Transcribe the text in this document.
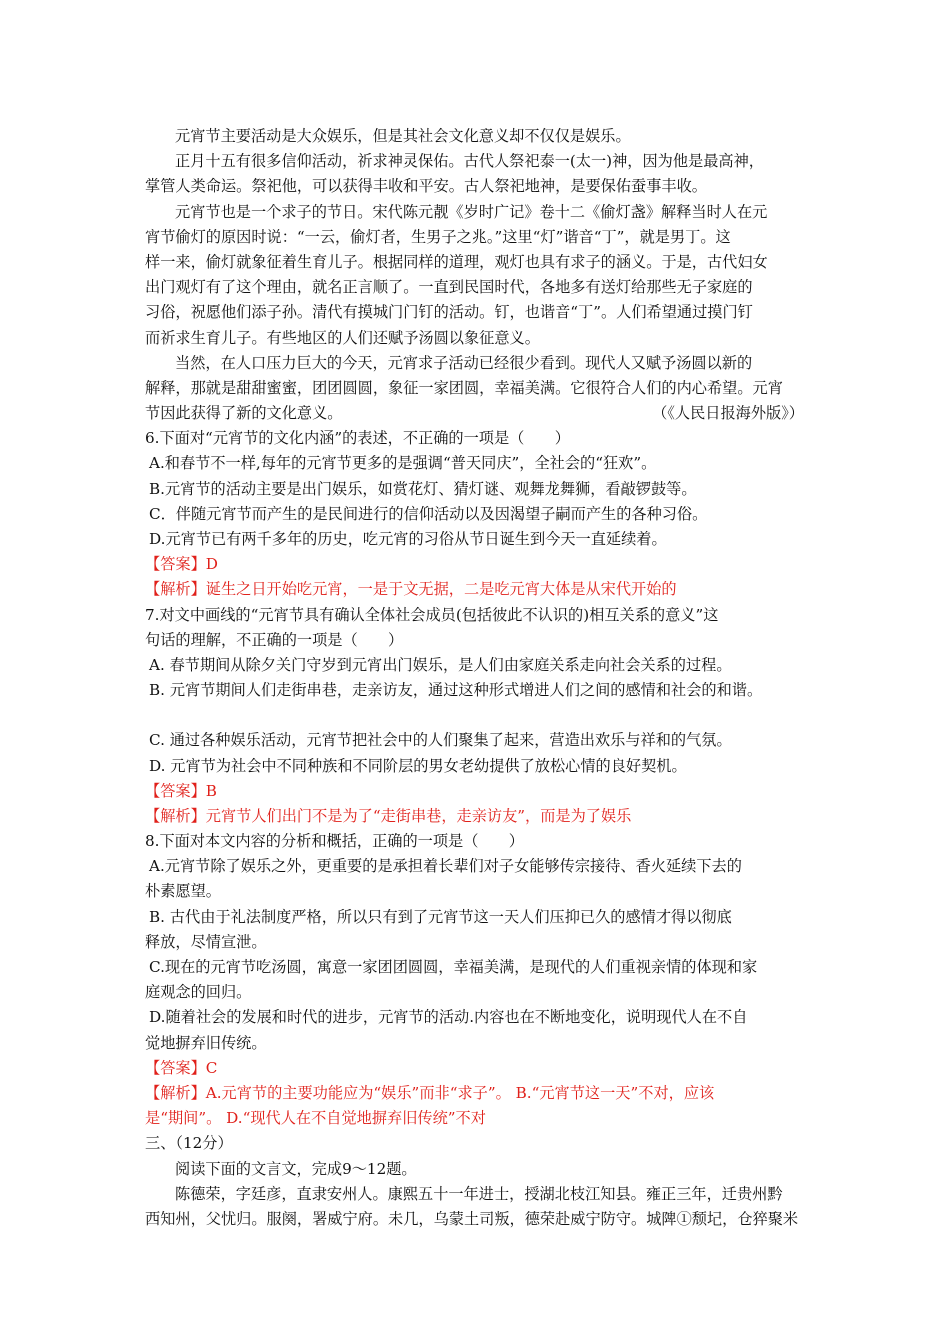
元宵节主要活动是大众娱乐，但是其社会文化意义却不仅仅是娱乐。
正月十五有很多信仰活动，祈求神灵保佑。古代人祭祀泰一(太一)神，因为他是最高神，
掌管人类命运。祭祀他，可以获得丰收和平安。古人祭祀地神，是要保佑蚕事丰收。
元宵节也是一个求子的节日。宋代陈元靓《岁时广记》卷十二《偷灯盏》解释当时人在元
宵节偷灯的原因时说：“一云，偷灯者，生男子之兆。”这里“灯”谐音“丁”，就是男丁。这
样一来，偷灯就象征着生育儿子。根据同样的道理，观灯也具有求子的涵义。于是，古代妇女
出门观灯有了这个理由，就名正言顺了。一直到民国时代，各地多有送灯给那些无子家庭的
习俗，祝愿他们添子孙。清代有摸城门门钉的活动。钉，也谐音“丁”。人们希望通过摸门钉
而祈求生育儿子。有些地区的人们还赋予汤圆以象征意义。
当然，在人口压力巨大的今天，元宵求子活动已经很少看到。现代人又赋予汤圆以新的
解释，那就是甜甜蜜蜜，团团圆圆，象征一家团圆，幸福美满。它很符合人们的内心希望。元宵
节因此获得了新的文化意义。	（《人民日报海外版》）
6.下面对“元宵节的文化内涵”的表述，不正确的一项是（　　）
A.和春节不一样,每年的元宵节更多的是强调“普天同庆”，全社会的“狂欢”。
B.元宵节的活动主要是出门娱乐，如赏花灯、猜灯谜、观舞龙舞狮，看敲锣鼓等。
C．伴随元宵节而产生的是民间进行的信仰活动以及因渴望子嗣而产生的各种习俗。
D.元宵节已有两千多年的历史，吃元宵的习俗从节日诞生到今天一直延续着。
【答案】D
【解析】诞生之日开始吃元宵，一是于文无据，二是吃元宵大体是从宋代开始的
7.对文中画线的“元宵节具有确认全体社会成员(包括彼此不认识的)相互关系的意义”这
句话的理解，不正确的一项是（　　）
A. 春节期间从除夕关门守岁到元宵出门娱乐，是人们由家庭关系走向社会关系的过程。
B. 元宵节期间人们走街串巷，走亲访友，通过这种形式增进人们之间的感情和社会的和谐。
C. 通过各种娱乐活动，元宵节把社会中的人们聚集了起来，营造出欢乐与祥和的气氛。
D. 元宵节为社会中不同种族和不同阶层的男女老幼提供了放松心情的良好契机。
【答案】B
【解析】元宵节人们出门不是为了“走街串巷，走亲访友”，而是为了娱乐
8.下面对本文内容的分析和概括，正确的一项是（　　）
A.元宵节除了娱乐之外，更重要的是承担着长辈们对子女能够传宗接待、香火延续下去的
朴素愿望。
B. 古代由于礼法制度严格，所以只有到了元宵节这一天人们压抑已久的感情才得以彻底
释放，尽情宣泄。
C.现在的元宵节吃汤圆，寓意一家团团圆圆，幸福美满，是现代的人们重视亲情的体现和家
庭观念的回归。
D.随着社会的发展和时代的进步，元宵节的活动.内容也在不断地变化，说明现代人在不自
觉地摒弃旧传统。
【答案】C
【解析】A.元宵节的主要功能应为“娱乐”而非“求子”。 B.“元宵节这一天”不对，应该
是“期间”。 D.“现代人在不自觉地摒弃旧传统”不对
三、（12分）
阅读下面的文言文，完成9～12题。
陈德荣，字廷彦，直隶安州人。康熙五十一年进士，授湖北枝江知县。雍正三年，迁贵州黔
西知州，父忧归。服阕，署威宁府。未几，乌蒙土司叛，德荣赴威宁防守。城陴①颓圮，仓猝聚米
